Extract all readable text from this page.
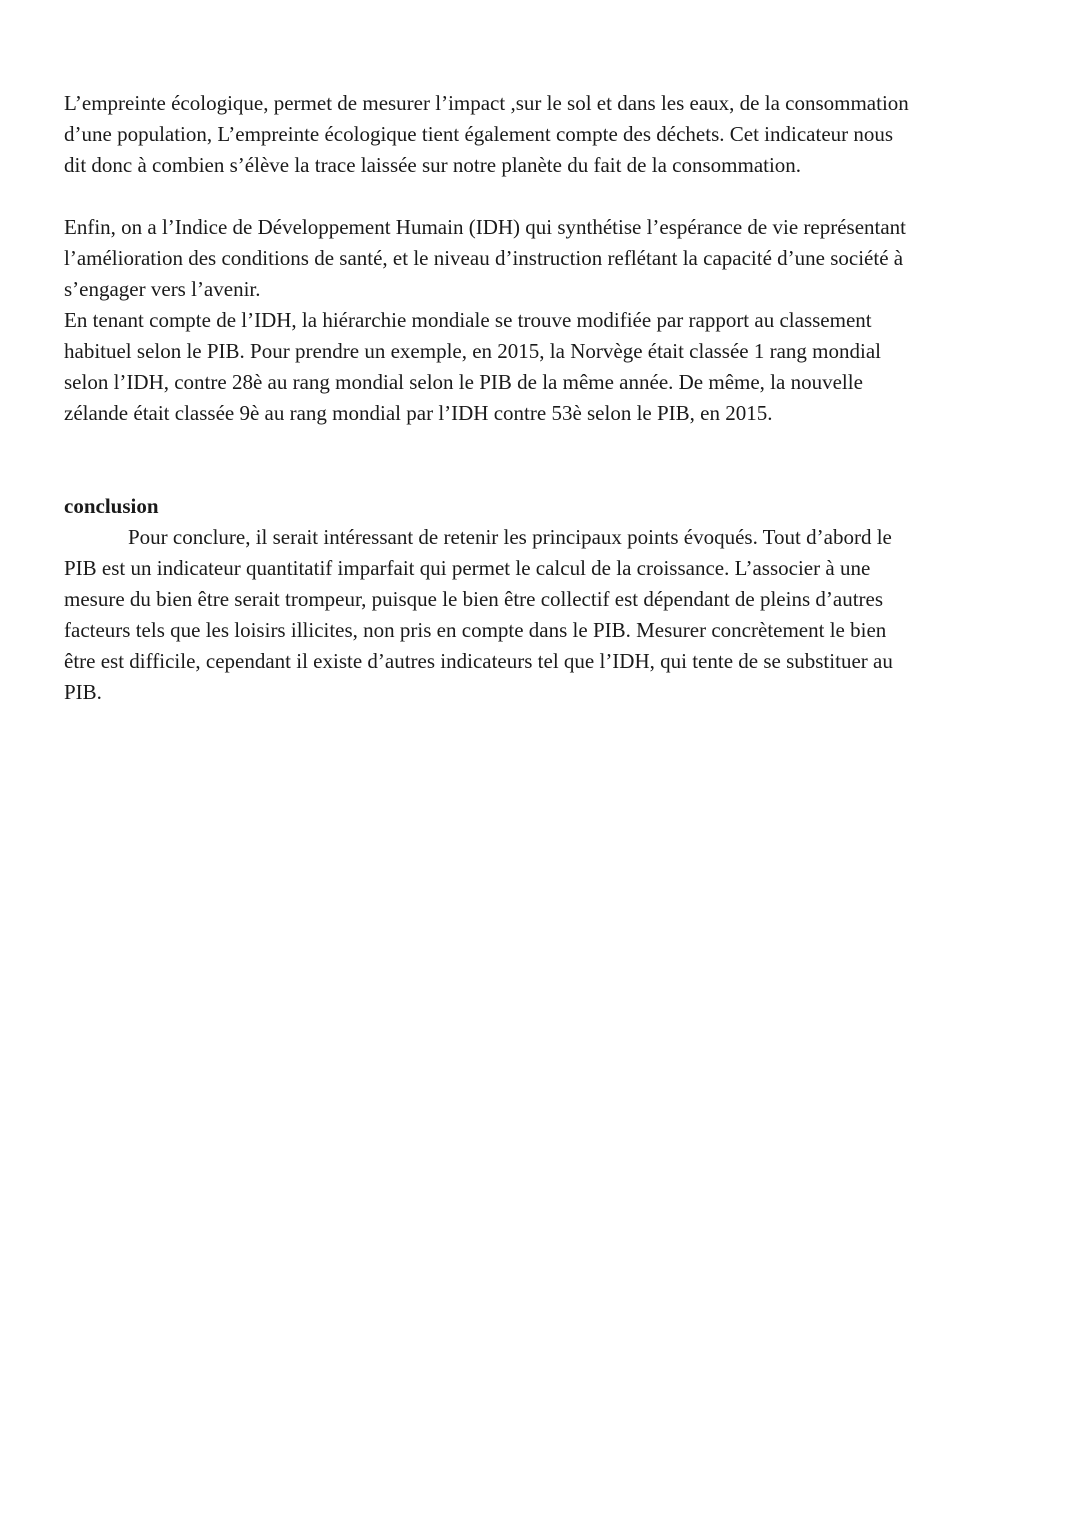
L’empreinte écologique, permet de mesurer l’impact ,sur le sol et dans les eaux, de la consommation
d’une population, L’empreinte écologique tient également compte des déchets. Cet indicateur nous
dit donc à combien s’élève la trace laissée sur notre planète du fait de la consommation.

Enfin, on a l’Indice de Développement Humain (IDH) qui synthétise l’espérance de vie représentant
l’amélioration des conditions de santé, et le niveau d’instruction reflétant la capacité d’une société à
s’engager vers l’avenir.

En tenant compte de l’IDH, la hiérarchie mondiale se trouve modifiée par rapport au classement
habituel selon le PIB. Pour prendre un exemple, en 2015, la Norvège était classée 1 rang mondial
selon l’IDH, contre 28è au rang mondial selon le PIB de la même année. De même, la nouvelle
zélande était classée 9è au rang mondial par l’IDH contre 53è selon le PIB, en 2015.

conclusion

Pour conclure, il serait intéressant de retenir les principaux points évoqués. Tout d’abord le
PIB est un indicateur quantitatif imparfait qui permet le calcul de la croissance. L’associer à une
mesure du bien être serait trompeur, puisque le bien être collectif est dépendant de pleins d’autres
facteurs tels que les loisirs illicites, non pris en compte dans le PIB. Mesurer concrètement le bien
être est difficile, cependant il existe d’autres indicateurs tel que l’IDH, qui tente de se substituer au
PIB.
